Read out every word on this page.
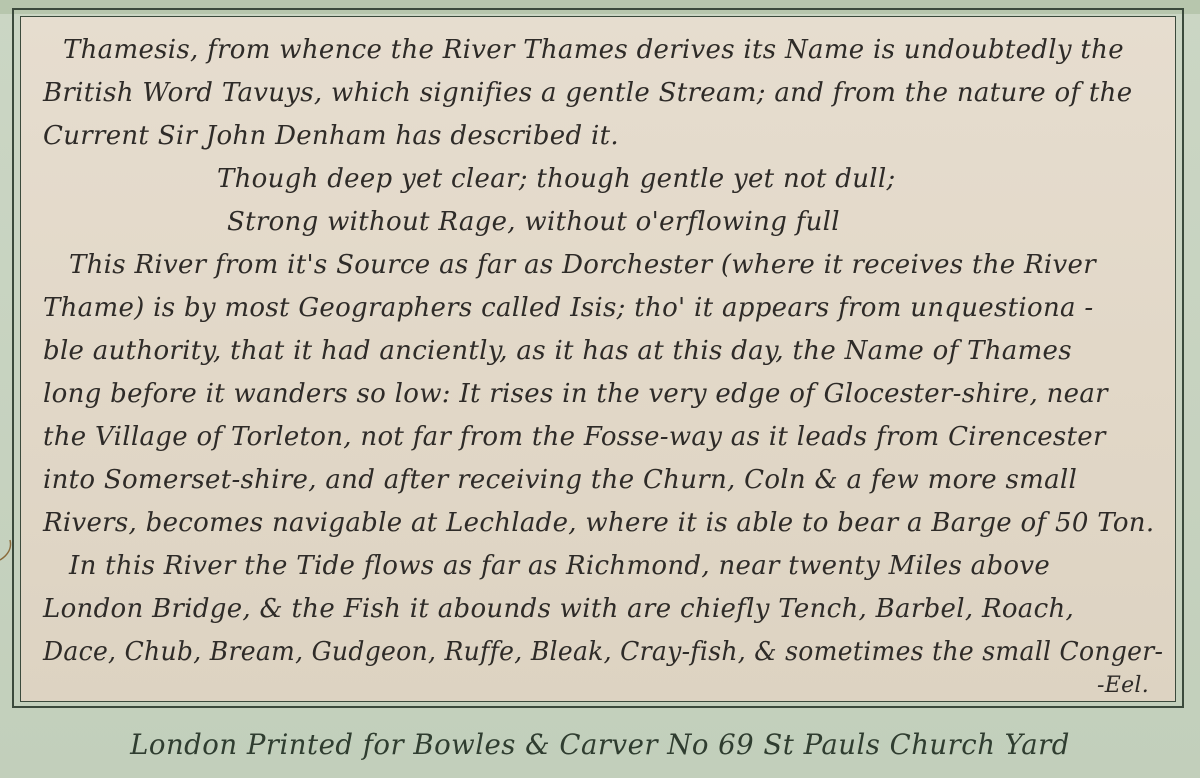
Thamesis, from whence the River Thames derives its Name is undoubtedly the
British Word Tavuys, which signifies a gentle Stream; and from the nature of the
Current Sir John Denham has described it.
Though deep yet clear; though gentle yet not dull;
Strong without Rage, without o'erflowing full
This River from it's Source as far as Dorchester (where it receives the River
Thame) is by most Geographers called Isis; tho' it appears from unquestiona -
ble authority, that it had anciently, as it has at this day, the Name of Thames
long before it wanders so low: It rises in the very edge of Glocester-shire, near
the Village of Torleton, not far from the Fosse-way as it leads from Cirencester
into Somerset-shire, and after receiving the Churn, Coln & a few more small
Rivers, becomes navigable at Lechlade, where it is able to bear a Barge of 50 Ton.
In this River the Tide flows as far as Richmond, near twenty Miles above
London Bridge, & the Fish it abounds with are chiefly Tench, Barbel, Roach,
Dace, Chub, Bream, Gudgeon, Ruffe, Bleak, Cray-fish, & sometimes the small Conger-
-Eel.
London Printed for Bowles & Carver No 69 St Pauls Church Yard
